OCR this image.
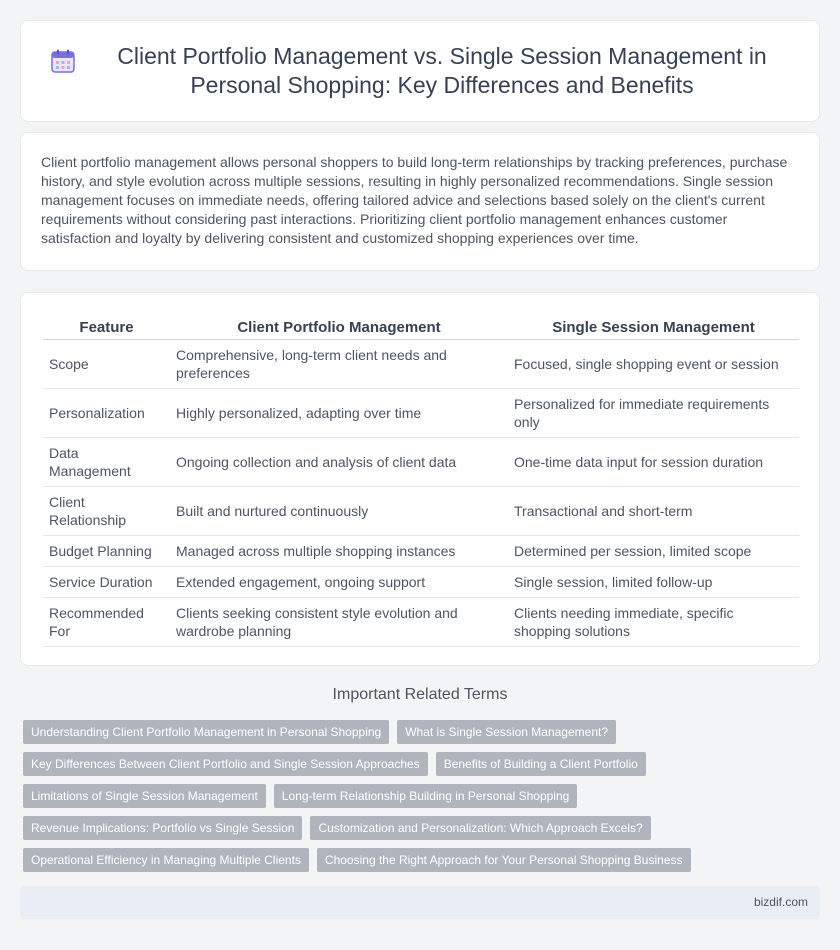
Client Portfolio Management vs. Single Session Management in Personal Shopping: Key Differences and Benefits

Client portfolio management allows personal shoppers to build long-term relationships by tracking preferences, purchase history, and style evolution across multiple sessions, resulting in highly personalized recommendations. Single session management focuses on immediate needs, offering tailored advice and selections based solely on the client's current requirements without considering past interactions. Prioritizing client portfolio management enhances customer satisfaction and loyalty by delivering consistent and customized shopping experiences over time.

Feature	Client Portfolio Management	Single Session Management
Scope	Comprehensive, long-term client needs and preferences	Focused, single shopping event or session
Personalization	Highly personalized, adapting over time	Personalized for immediate requirements only
Data Management	Ongoing collection and analysis of client data	One-time data input for session duration
Client Relationship	Built and nurtured continuously	Transactional and short-term
Budget Planning	Managed across multiple shopping instances	Determined per session, limited scope
Service Duration	Extended engagement, ongoing support	Single session, limited follow-up
Recommended For	Clients seeking consistent style evolution and wardrobe planning	Clients needing immediate, specific shopping solutions
Important Related Terms
Understanding Client Portfolio Management in Personal Shopping	What is Single Session Management?
Key Differences Between Client Portfolio and Single Session Approaches	Benefits of Building a Client Portfolio
Limitations of Single Session Management	Long-term Relationship Building in Personal Shopping
Revenue Implications: Portfolio vs Single Session	Customization and Personalization: Which Approach Excels?
Operational Efficiency in Managing Multiple Clients	Choosing the Right Approach for Your Personal Shopping Business
bizdif.com
